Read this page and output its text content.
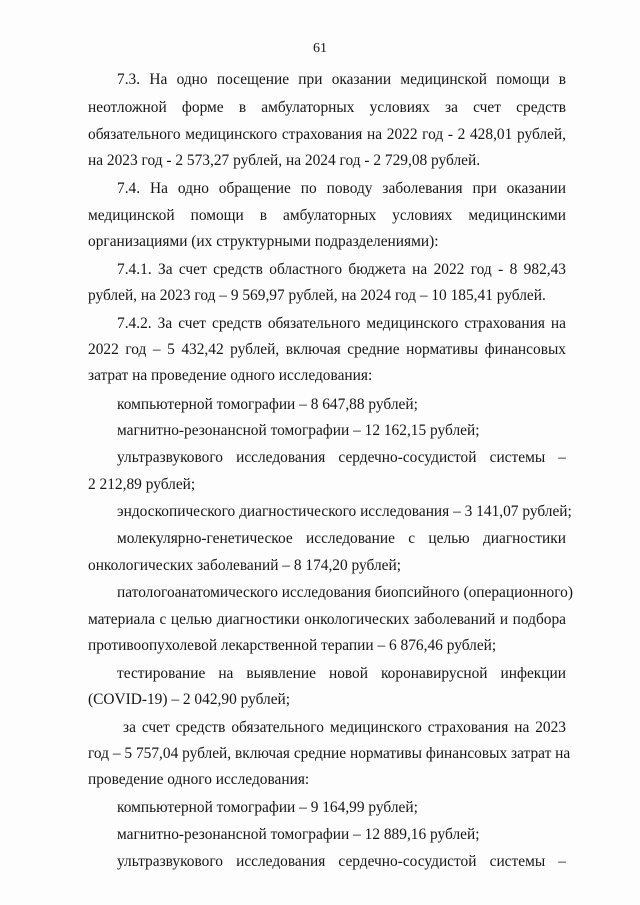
61
7.3. На одно посещение при оказании медицинской помощи в
неотложной форме в амбулаторных условиях за счет средств
обязательного медицинского страхования на 2022 год - 2 428,01 рублей,
на 2023 год - 2 573,27 рублей, на 2024 год - 2 729,08 рублей.
7.4. На одно обращение по поводу заболевания при оказании
медицинской помощи в амбулаторных условиях медицинскими
организациями (их структурными подразделениями):
7.4.1. За счет средств областного бюджета на 2022 год - 8 982,43
рублей, на 2023 год – 9 569,97 рублей, на 2024 год – 10 185,41 рублей.
7.4.2. За счет средств обязательного медицинского страхования на
2022 год – 5 432,42 рублей, включая средние нормативы финансовых
затрат на проведение одного исследования:
компьютерной томографии – 8 647,88 рублей;
магнитно-резонансной томографии – 12 162,15 рублей;
ультразвукового исследования сердечно-сосудистой системы –
2 212,89 рублей;
эндоскопического диагностического исследования – 3 141,07 рублей;
молекулярно-генетическое исследование с целью диагностики
онкологических заболеваний – 8 174,20 рублей;
патологоанатомического исследования биопсийного (операционного)
материала с целью диагностики онкологических заболеваний и подбора
противоопухолевой лекарственной терапии – 6 876,46 рублей;
тестирование на выявление новой коронавирусной инфекции
(COVID-19) – 2 042,90 рублей;
за счет средств обязательного медицинского страхования на 2023
год – 5 757,04 рублей, включая средние нормативы финансовых затрат на
проведение одного исследования:
компьютерной томографии – 9 164,99 рублей;
магнитно-резонансной томографии – 12 889,16 рублей;
ультразвукового исследования сердечно-сосудистой системы –
